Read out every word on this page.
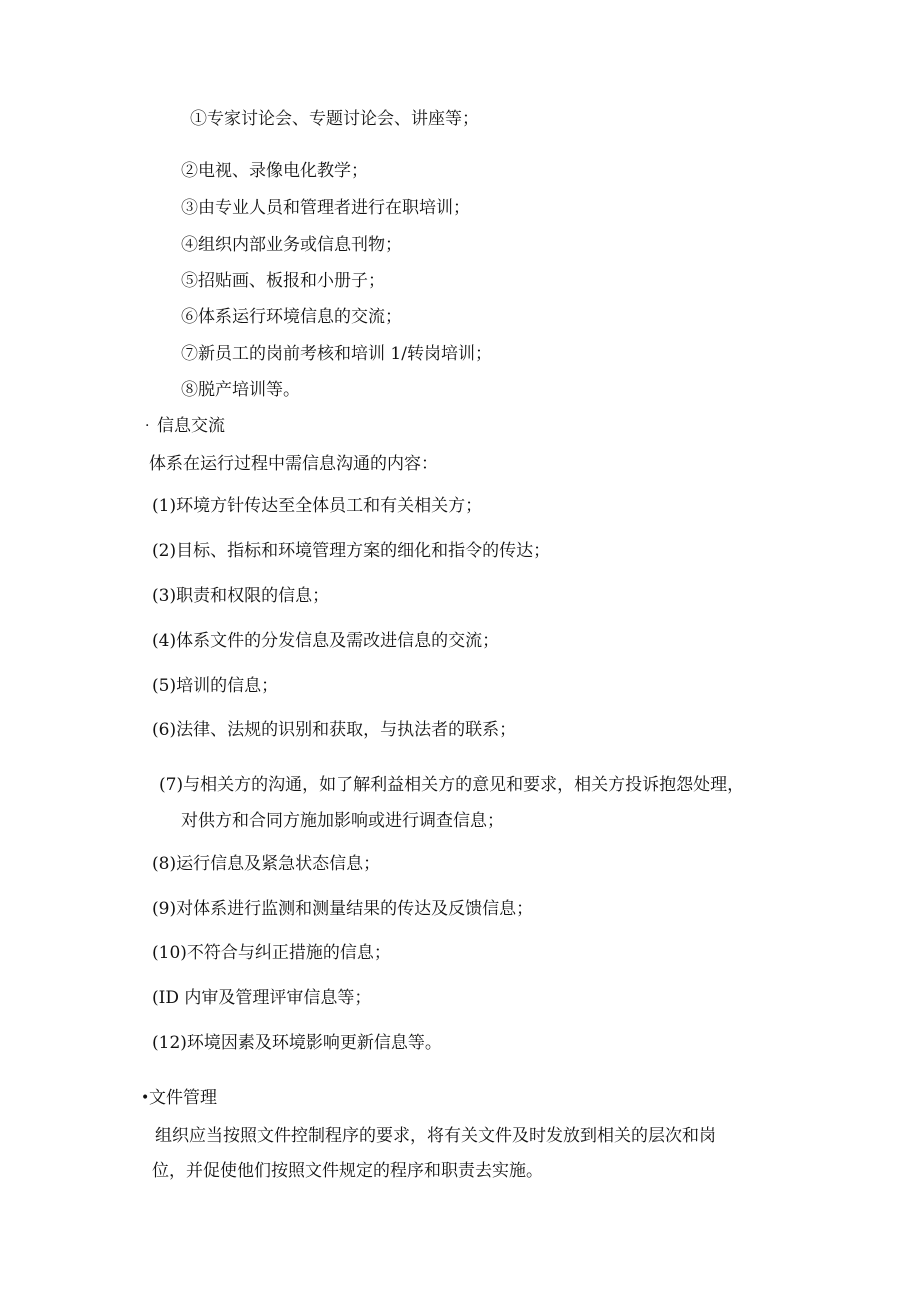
①专家讨论会、专题讨论会、讲座等；
②电视、录像电化教学；
③由专业人员和管理者进行在职培训；
④组织内部业务或信息刊物；
⑤招贴画、板报和小册子；
⑥体系运行环境信息的交流；
⑦新员工的岗前考核和培训 1/转岗培训；
⑧脱产培训等。
· 信息交流
体系在运行过程中需信息沟通的内容：
(1)环境方针传达至全体员工和有关相关方；
(2)目标、指标和环境管理方案的细化和指令的传达；
(3)职责和权限的信息；
(4)体系文件的分发信息及需改进信息的交流；
(5)培训的信息；
(6)法律、法规的识别和获取，与执法者的联系；
(7)与相关方的沟通，如了解利益相关方的意见和要求，相关方投诉抱怨处理，
对供方和合同方施加影响或进行调查信息；
(8)运行信息及紧急状态信息；
(9)对体系进行监测和测量结果的传达及反馈信息；
(10)不符合与纠正措施的信息；
(ID 内审及管理评审信息等；
(12)环境因素及环境影响更新信息等。
• 文件管理
组织应当按照文件控制程序的要求，将有关文件及时发放到相关的层次和岗
位，并促使他们按照文件规定的程序和职责去实施。
